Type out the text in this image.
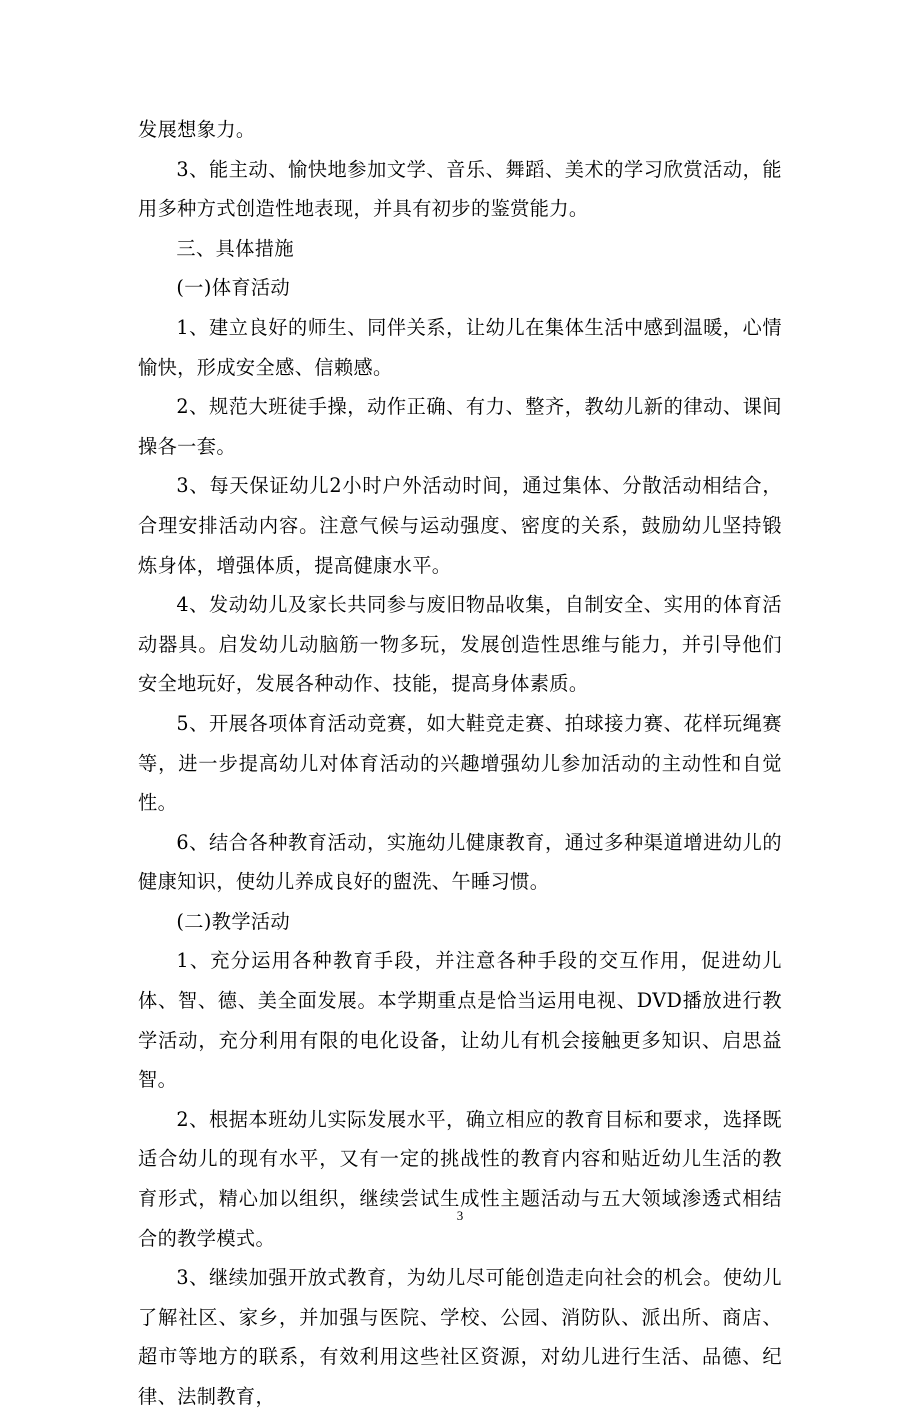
发展想象力。

3、能主动、愉快地参加文学、音乐、舞蹈、美术的学习欣赏活动，能用多种方式创造性地表现，并具有初步的鉴赏能力。

三、具体措施

(一)体育活动

1、建立良好的师生、同伴关系，让幼儿在集体生活中感到温暖，心情愉快，形成安全感、信赖感。

2、规范大班徒手操，动作正确、有力、整齐，教幼儿新的律动、课间操各一套。

3、每天保证幼儿2小时户外活动时间，通过集体、分散活动相结合，合理安排活动内容。注意气候与运动强度、密度的关系，鼓励幼儿坚持锻炼身体，增强体质，提高健康水平。

4、发动幼儿及家长共同参与废旧物品收集，自制安全、实用的体育活动器具。启发幼儿动脑筋一物多玩，发展创造性思维与能力，并引导他们安全地玩好，发展各种动作、技能，提高身体素质。

5、开展各项体育活动竞赛，如大鞋竞走赛、拍球接力赛、花样玩绳赛等，进一步提高幼儿对体育活动的兴趣增强幼儿参加活动的主动性和自觉性。

6、结合各种教育活动，实施幼儿健康教育，通过多种渠道增进幼儿的健康知识，使幼儿养成良好的盥洗、午睡习惯。

(二)教学活动

1、充分运用各种教育手段，并注意各种手段的交互作用，促进幼儿体、智、德、美全面发展。本学期重点是恰当运用电视、DVD播放进行教学活动，充分利用有限的电化设备，让幼儿有机会接触更多知识、启思益智。

2、根据本班幼儿实际发展水平，确立相应的教育目标和要求，选择既适合幼儿的现有水平，又有一定的挑战性的教育内容和贴近幼儿生活的教育形式，精心加以组织，继续尝试生成性主题活动与五大领域渗透式相结合的教学模式。

3、继续加强开放式教育，为幼儿尽可能创造走向社会的机会。使幼儿了解社区、家乡，并加强与医院、学校、公园、消防队、派出所、商店、超市等地方的联系，有效利用这些社区资源，对幼儿进行生活、品德、纪律、法制教育，

3
